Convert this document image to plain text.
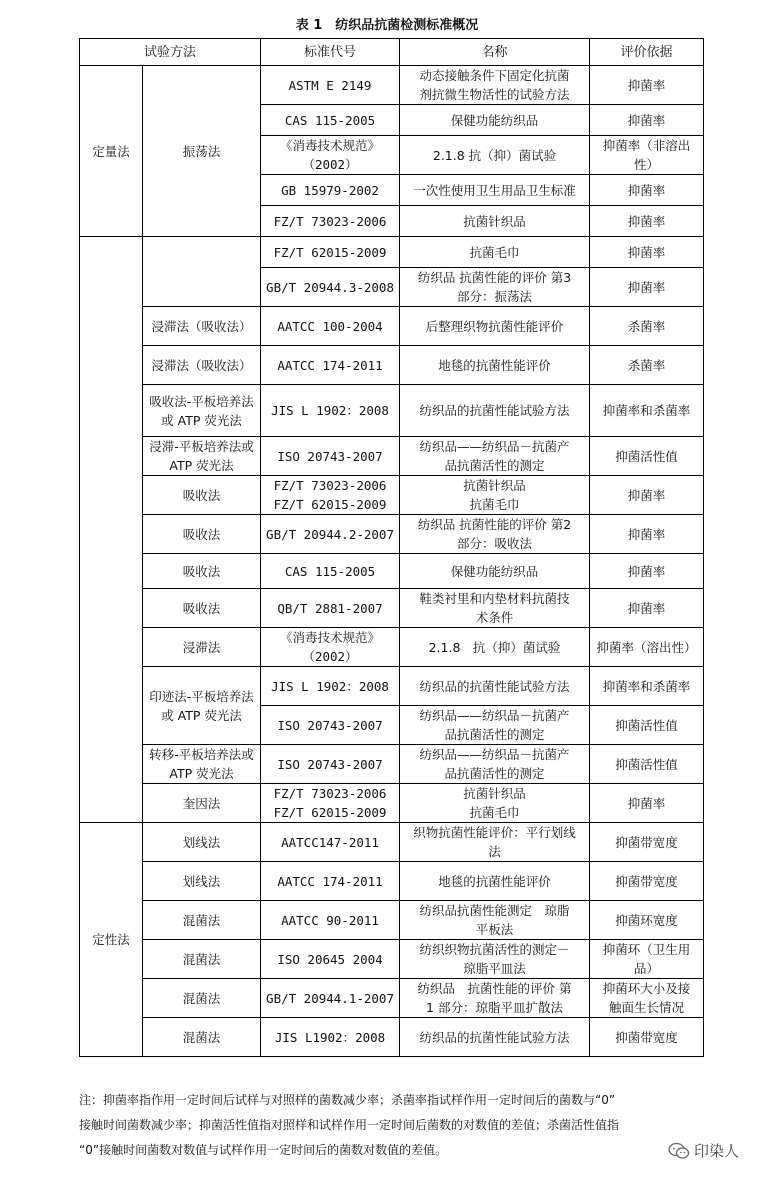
表 1　纺织品抗菌检测标准概况
试验方法		标准代号	名称	评价依据
定量法	振荡法	ASTM E 2149	动态接触条件下固定化抗菌
剂抗微生物活性的试验方法	抑菌率

		CAS 115-2005	保健功能纺织品	抑菌率

		《消毒技术规范》
（2002）	2.1.8 抗（抑）菌试验	抑菌率（非溶出
性）

		GB 15979-2002	一次性使用卫生用品卫生标准	抑菌率

		FZ/T 73023-2006	抗菌针织品	抑菌率

		FZ/T 62015-2009	抗菌毛巾	抑菌率

		GB/T 20944.3-2008	纺织品 抗菌性能的评价 第3
部分：振荡法	抑菌率

	浸滞法（吸收法）	AATCC 100-2004	后整理织物抗菌性能评价	杀菌率

	浸滞法（吸收法）	AATCC 174-2011	地毯的抗菌性能评价	杀菌率

	吸收法-平板培养法或 ATP 荧光法	JIS L 1902：2008	纺织品的抗菌性能试验方法	抑菌率和杀菌率

	浸滞-平板培养法或 ATP 荧光法	ISO 20743-2007	纺织品——纺织品－抗菌产
品抗菌活性的测定	抑菌活性值

	吸收法	FZ/T 73023-2006
FZ/T 62015-2009	抗菌针织品
抗菌毛巾	抑菌率

	吸收法	GB/T 20944.2-2007	纺织品 抗菌性能的评价 第2
部分：吸收法	抑菌率

	吸收法	CAS 115-2005	保健功能纺织品	抑菌率

	吸收法	QB/T 2881-2007	鞋类衬里和内垫材料抗菌技
术条件	抑菌率

	浸滞法	《消毒技术规范》
（2002）	2.1.8　抗（抑）菌试验	抑菌率（溶出性）

	印迹法-平板培养法或 ATP 荧光法	JIS L 1902：2008	纺织品的抗菌性能试验方法	抑菌率和杀菌率

		ISO 20743-2007	纺织品——纺织品－抗菌产
品抗菌活性的测定	抑菌活性值

	转移-平板培养法或 ATP 荧光法	ISO 20743-2007	纺织品——纺织品－抗菌产
品抗菌活性的测定	抑菌活性值

	奎因法	FZ/T 73023-2006
FZ/T 62015-2009	抗菌针织品
抗菌毛巾	抑菌率

定性法	划线法	AATCC147-2011	织物抗菌性能评价：平行划线
法	抑菌带宽度

	划线法	AATCC 174-2011	地毯的抗菌性能评价	抑菌带宽度

	混菌法	AATCC 90-2011	纺织品抗菌性能测定　琼脂
平板法	抑菌环宽度

	混菌法	ISO 20645 2004	纺织织物抗菌活性的测定－
琼脂平皿法	抑菌环（卫生用
品）

	混菌法	GB/T 20944.1-2007	纺织品　抗菌性能的评价 第
1 部分：琼脂平皿扩散法	抑菌环大小及接
触面生长情况

	混菌法	JIS L1902：2008	纺织品的抗菌性能试验方法	抑菌带宽度
注：抑菌率指作用一定时间后试样与对照样的菌数减少率；杀菌率指试样作用一定时间后的菌数与“0”
接触时间菌数减少率；抑菌活性值指对照样和试样作用一定时间后菌数的对数值的差值；杀菌活性值指
“0”接触时间菌数对数值与试样作用一定时间后的菌数对数值的差值。	印染人
